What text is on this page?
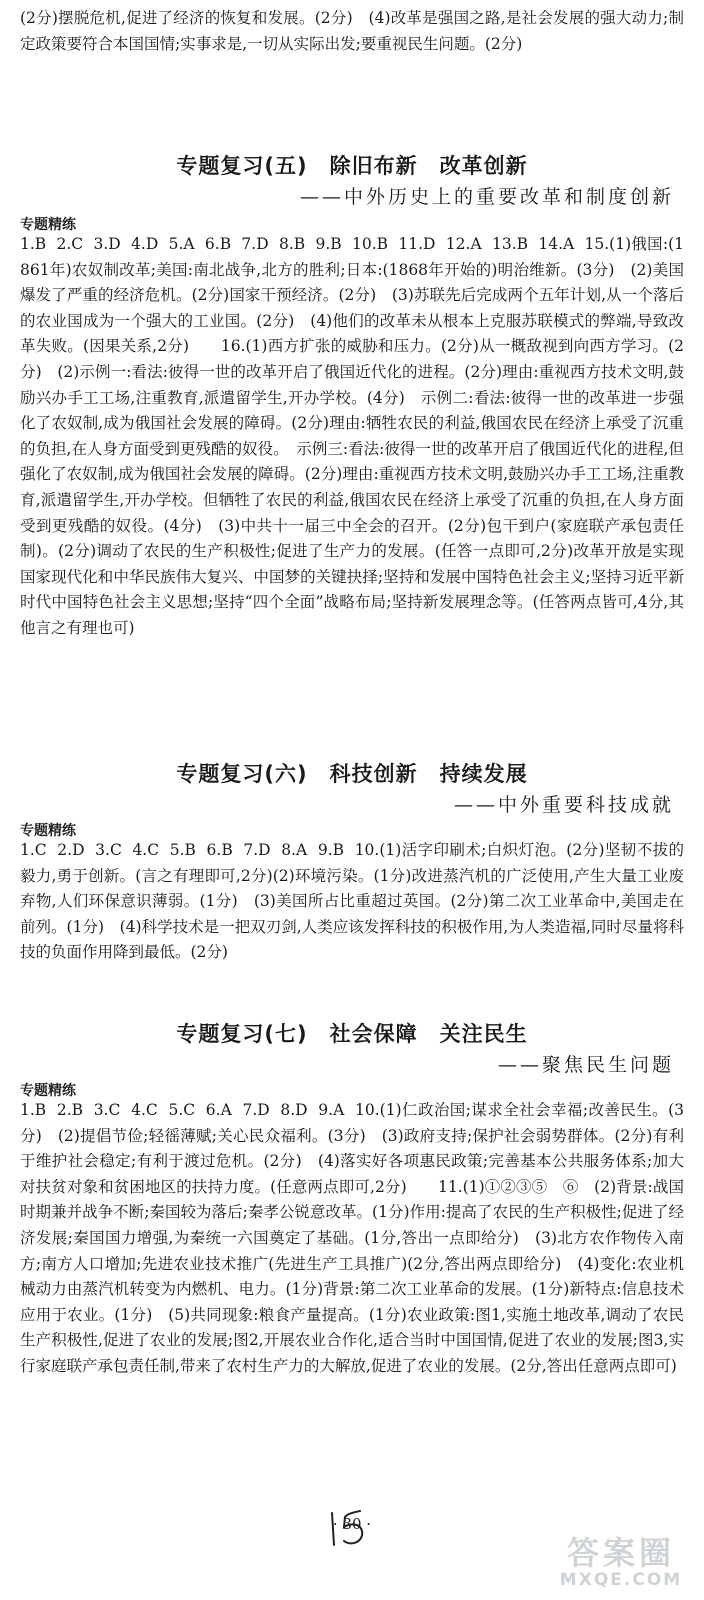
(2分)摆脱危机,促进了经济的恢复和发展。(2分)　(4)改革是强国之路,是社会发展的强大动力;制定政策要符合本国国情;实事求是,一切从实际出发;要重视民生问题。(2分)
专题复习(五)　除旧布新　改革创新
——中外历史上的重要改革和制度创新
专题精练
1.B  2.C  3.D  4.D  5.A  6.B  7.D  8.B  9.B  10.B  11.D  12.A  13.B  14.A  15.(1)俄国:(1861年)农奴制改革;美国:南北战争,北方的胜利;日本:(1868年开始的)明治维新。(3分)　(2)美国爆发了严重的经济危机。(2分)国家干预经济。(2分)　(3)苏联先后完成两个五年计划,从一个落后的农业国成为一个强大的工业国。(2分)　(4)他们的改革未从根本上克服苏联模式的弊端,导致改革失败。(因果关系,2分)　　16.(1)西方扩张的威胁和压力。(2分)从一概敌视到向西方学习。(2分)　(2)示例一:看法:彼得一世的改革开启了俄国近代化的进程。(2分)理由:重视西方技术文明,鼓励兴办手工工场,注重教育,派遣留学生,开办学校。(4分)　示例二:看法:彼得一世的改革进一步强化了农奴制,成为俄国社会发展的障碍。(2分)理由:牺牲农民的利益,俄国农民在经济上承受了沉重的负担,在人身方面受到更残酷的奴役。　示例三:看法:彼得一世的改革开启了俄国近代化的进程,但强化了农奴制,成为俄国社会发展的障碍。(2分)理由:重视西方技术文明,鼓励兴办手工工场,注重教育,派遣留学生,开办学校。但牺牲了农民的利益,俄国农民在经济上承受了沉重的负担,在人身方面受到更残酷的奴役。(4分)　(3)中共十一届三中全会的召开。(2分)包干到户(家庭联产承包责任制)。(2分)调动了农民的生产积极性;促进了生产力的发展。(任答一点即可,2分)改革开放是实现国家现代化和中华民族伟大复兴、中国梦的关键抉择;坚持和发展中国特色社会主义;坚持习近平新时代中国特色社会主义思想;坚持“四个全面”战略布局;坚持新发展理念等。(任答两点皆可,4分,其他言之有理也可)
专题复习(六)　科技创新　持续发展
——中外重要科技成就
专题精练
1.C  2.D  3.C  4.C  5.B  6.B  7.D  8.A  9.B  10.(1)活字印刷术;白炽灯泡。(2分)坚韧不拔的毅力,勇于创新。(言之有理即可,2分)(2)环境污染。(1分)改进蒸汽机的广泛使用,产生大量工业废弃物,人们环保意识薄弱。(1分)　(3)美国所占比重超过英国。(2分)第二次工业革命中,美国走在前列。(1分)　(4)科学技术是一把双刃剑,人类应该发挥科技的积极作用,为人类造福,同时尽量将科技的负面作用降到最低。(2分)
专题复习(七)　社会保障　关注民生
——聚焦民生问题
专题精练
1.B  2.B  3.C  4.C  5.C  6.A  7.D  8.D  9.A  10.(1)仁政治国;谋求全社会幸福;改善民生。(3分)　(2)提倡节俭;轻徭薄赋;关心民众福利。(3分)　(3)政府支持;保护社会弱势群体。(2分)有利于维护社会稳定;有利于渡过危机。(2分)　(4)落实好各项惠民政策;完善基本公共服务体系;加大对扶贫对象和贫困地区的扶持力度。(任意两点即可,2分)　　11.(1)①②③⑤　⑥　(2)背景:战国时期兼并战争不断;秦国较为落后;秦孝公锐意改革。(1分)作用:提高了农民的生产积极性;促进了经济发展;秦国国力增强,为秦统一六国奠定了基础。(1分,答出一点即给分)　(3)北方农作物传入南方;南方人口增加;先进农业技术推广(先进生产工具推广)(2分,答出两点即给分)　(4)变化:农业机械动力由蒸汽机转变为内燃机、电力。(1分)背景:第二次工业革命的发展。(1分)新特点:信息技术应用于农业。(1分)　(5)共同现象:粮食产量提高。(1分)农业政策:图1,实施土地改革,调动了农民生产积极性,促进了农业的发展;图2,开展农业合作化,适合当时中国国情,促进了农业的发展;图3,实行家庭联产承包责任制,带来了农村生产力的大解放,促进了农业的发展。(2分,答出任意两点即可)
· 30 ·
答案圈
MXQE.COM
